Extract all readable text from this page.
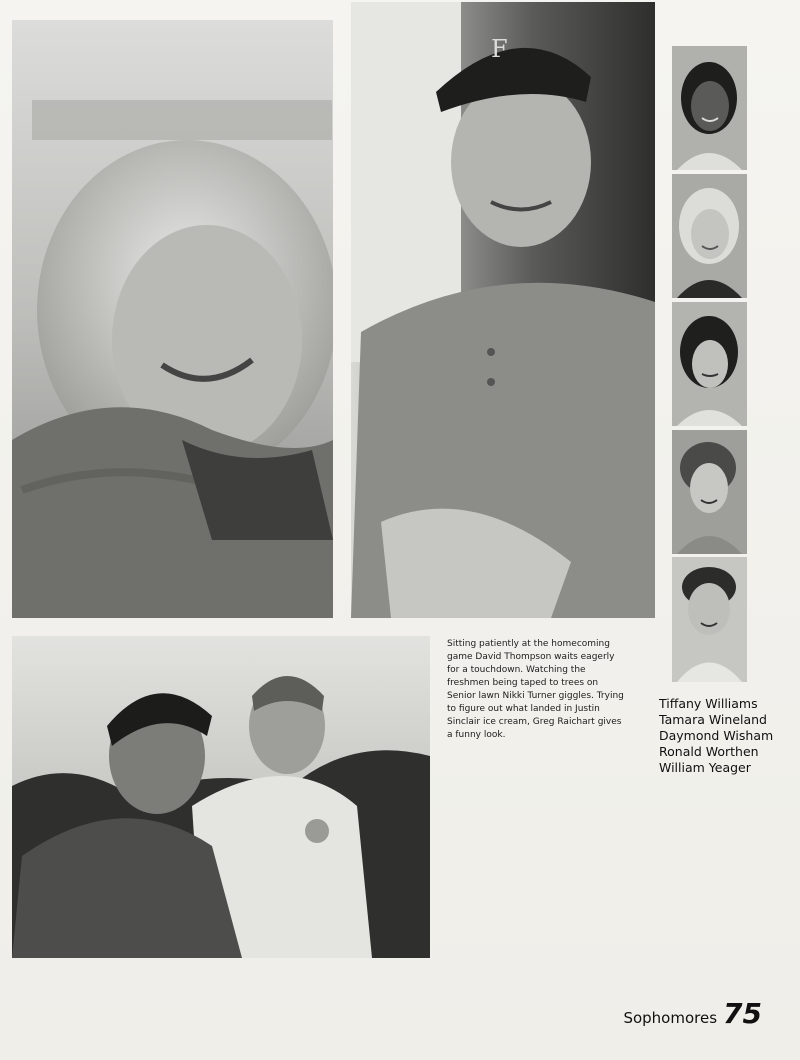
F

Sitting patiently at the homecoming game David Thompson waits eagerly for a touchdown. Watching the freshmen being taped to trees on Senior lawn Nikki Turner giggles. Trying to figure out what landed in Justin Sinclair ice cream, Greg Raichart gives a funny look.

Tiffany Williams
Tamara Wineland
Daymond Wisham
Ronald Worthen
William Yeager
Sophomores 75
